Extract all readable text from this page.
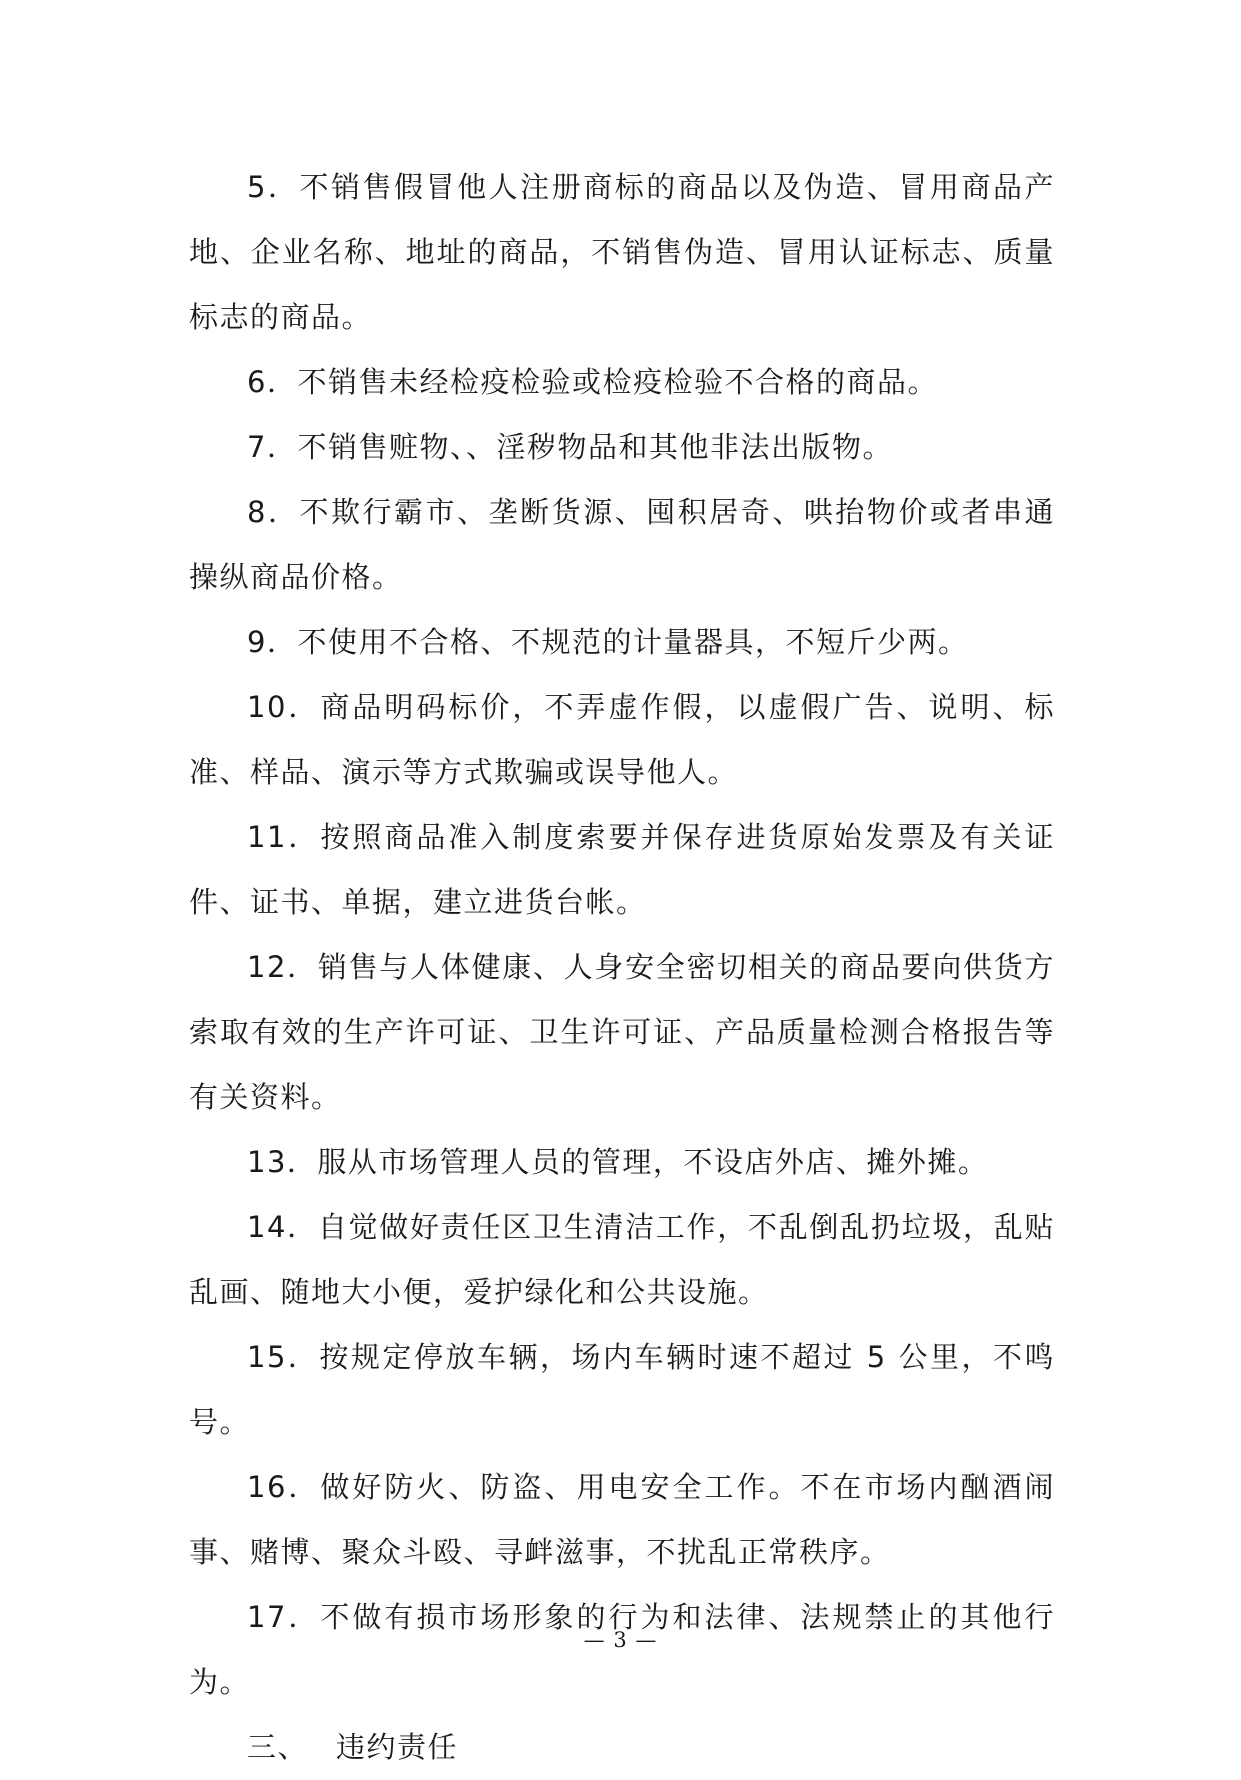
5．不销售假冒他人注册商标的商品以及伪造、冒用商品产地、企业名称、地址的商品，不销售伪造、冒用认证标志、质量标志的商品。

6．不销售未经检疫检验或检疫检验不合格的商品。

7．不销售赃物、、淫秽物品和其他非法出版物。

8．不欺行霸市、垄断货源、囤积居奇、哄抬物价或者串通操纵商品价格。

9．不使用不合格、不规范的计量器具，不短斤少两。

10．商品明码标价，不弄虚作假，以虚假广告、说明、标准、样品、演示等方式欺骗或误导他人。

11．按照商品准入制度索要并保存进货原始发票及有关证件、证书、单据，建立进货台帐。

12．销售与人体健康、人身安全密切相关的商品要向供货方索取有效的生产许可证、卫生许可证、产品质量检测合格报告等有关资料。

13．服从市场管理人员的管理，不设店外店、摊外摊。

14．自觉做好责任区卫生清洁工作，不乱倒乱扔垃圾，乱贴乱画、随地大小便，爱护绿化和公共设施。

15．按规定停放车辆，场内车辆时速不超过 5 公里，不鸣号。

16．做好防火、防盗、用电安全工作。不在市场内酗酒闹事、赌博、聚众斗殴、寻衅滋事，不扰乱正常秩序。

17．不做有损市场形象的行为和法律、法规禁止的其他行为。

三、 违约责任

— 3 —
